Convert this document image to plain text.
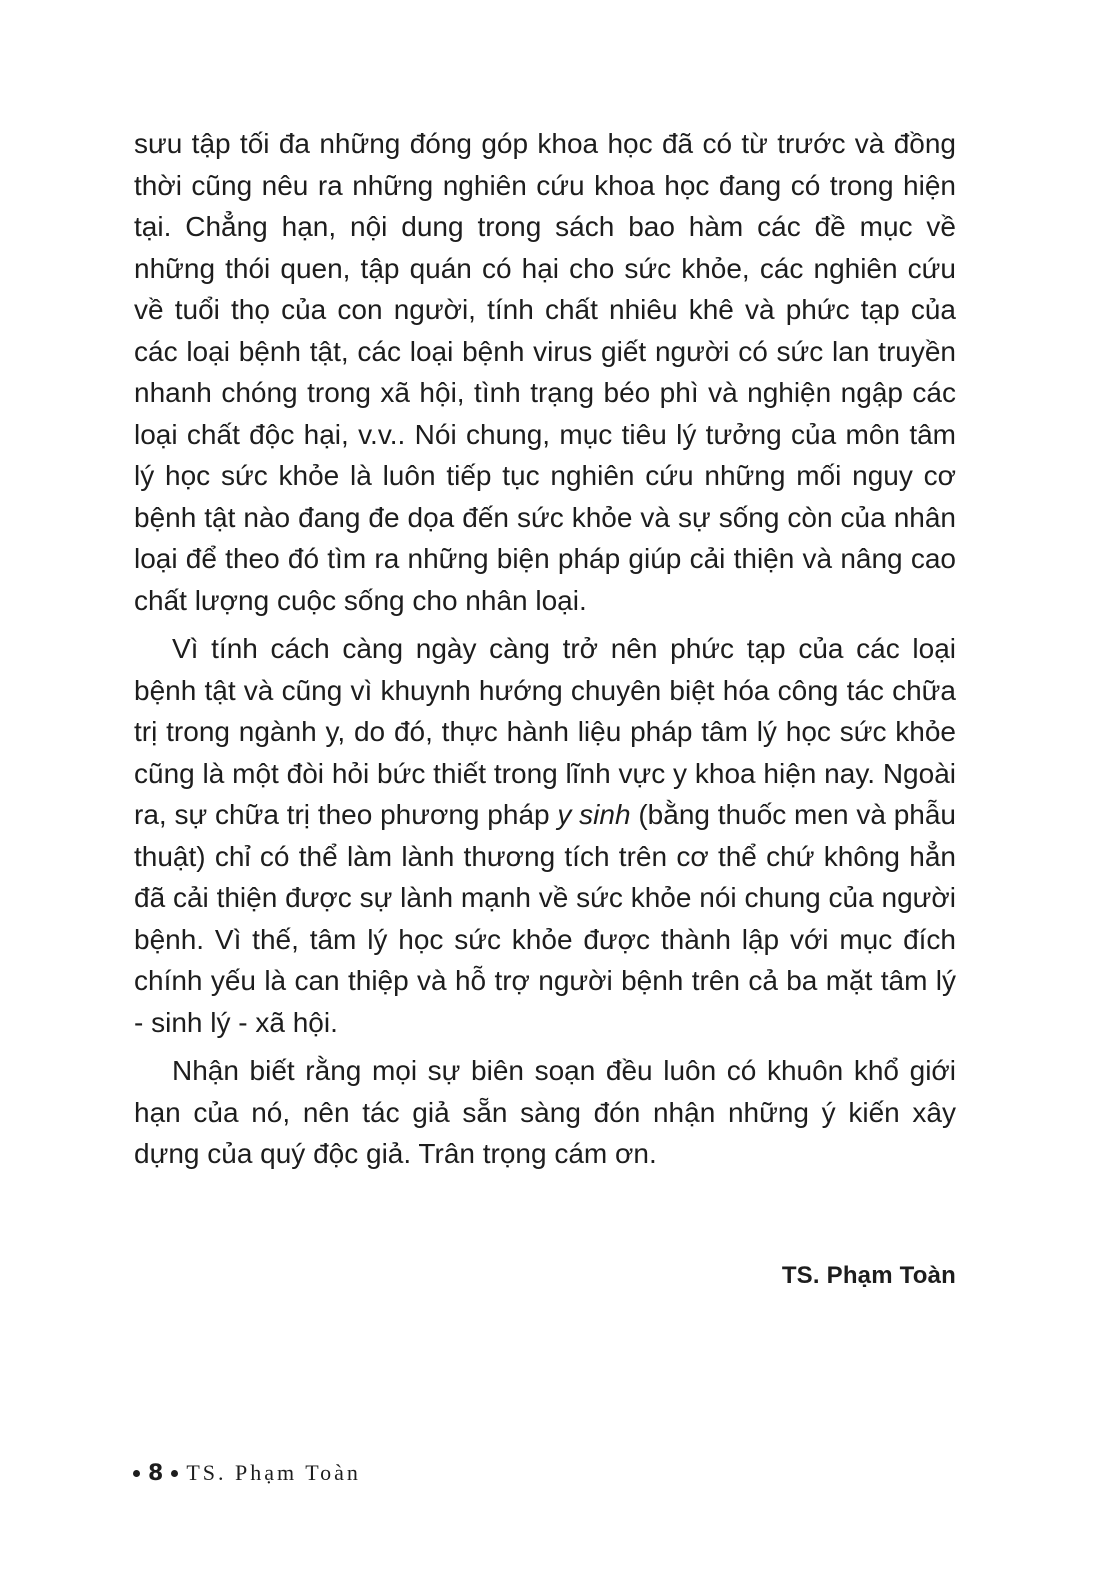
sưu tập tối đa những đóng góp khoa học đã có từ trước và đồng thời cũng nêu ra những nghiên cứu khoa học đang có trong hiện tại. Chẳng hạn, nội dung trong sách bao hàm các đề mục về những thói quen, tập quán có hại cho sức khỏe, các nghiên cứu về tuổi thọ của con người, tính chất nhiêu khê và phức tạp của các loại bệnh tật, các loại bệnh virus giết người có sức lan truyền nhanh chóng trong xã hội, tình trạng béo phì và nghiện ngập các loại chất độc hại, v.v.. Nói chung, mục tiêu lý tưởng của môn tâm lý học sức khỏe là luôn tiếp tục nghiên cứu những mối nguy cơ bệnh tật nào đang đe dọa đến sức khỏe và sự sống còn của nhân loại để theo đó tìm ra những biện pháp giúp cải thiện và nâng cao chất lượng cuộc sống cho nhân loại.

Vì tính cách càng ngày càng trở nên phức tạp của các loại bệnh tật và cũng vì khuynh hướng chuyên biệt hóa công tác chữa trị trong ngành y, do đó, thực hành liệu pháp tâm lý học sức khỏe cũng là một đòi hỏi bức thiết trong lĩnh vực y khoa hiện nay. Ngoài ra, sự chữa trị theo phương pháp y sinh (bằng thuốc men và phẫu thuật) chỉ có thể làm lành thương tích trên cơ thể chứ không hẳn đã cải thiện được sự lành mạnh về sức khỏe nói chung của người bệnh. Vì thế, tâm lý học sức khỏe được thành lập với mục đích chính yếu là can thiệp và hỗ trợ người bệnh trên cả ba mặt tâm lý - sinh lý - xã hội.

Nhận biết rằng mọi sự biên soạn đều luôn có khuôn khổ giới hạn của nó, nên tác giả sẵn sàng đón nhận những ý kiến xây dựng của quý độc giả. Trân trọng cám ơn.

TS. Phạm Toàn
8 TS. Phạm Toàn
